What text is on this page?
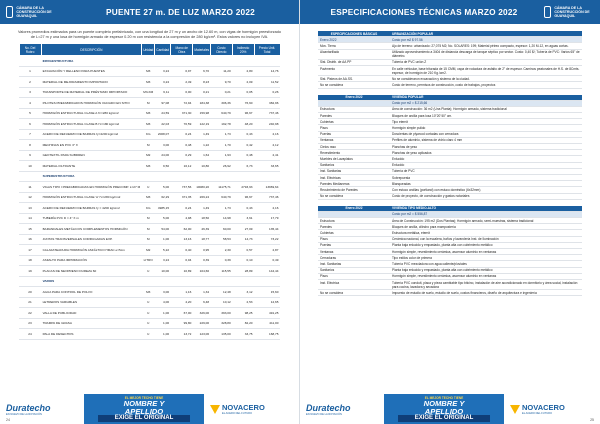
CÁMARA DE LA CONSTRUCCIÓN DE GUAYAQUIL	PUENTE 27 m. DE LUZ MARZO 2022
Valores promedios estimados para un puente completo prefabricado, con una longitud de 27 m y un ancho de 12.60 m, con vigas de hormigón preesforzado de L=27 m y una losa de hormigón armado de espesor 0.20 m con resistencia a la compresión de 280 kg/cm². Estos valores no incluyen IVA.
No. Del Rubro	DESCRIPCIÓN	Unidad	Cantidad	Mano de Obra	Materiales	Costo Directo	Indirecto 20%	Precio Unit. Total
	INFRAESTRUCTURA							
1	EXCAVACIÓN Y RELLENO PARA PUENTES	M3	3,24	0,97	6,70	11,20	2,80	14,76
2	MATERIAL DE MEJORAMIENTO IMPORTADO	M3	3,24	2,49	8,23	9,70	2,09	11,52
3	TRANSPORTE DE MATERIAL DE PRÉSTAMO IMPORTADO	M3-KM	6,11	0,00	0,21	0,21	0,05	0,26
4	PILOTES PREFABRICADOS HORMIGÓN VACIADO EN SITIO	M	97,08	72,94	184,38	306,36	76,60	382,96
5	HORMIGÓN ESTRUCTURAL CLASE A f'c=280 kg/cm2	M3	24,59	371,30	159,98	640,79	96,67	737,46
6	HORMIGÓN ESTRUCTURAL CLASE B f'c=180 kg/cm2	M3	22,03	70,59	122,19	192,78	48,20	240,98
7	ACERO DE REFUERZO DE BARRAS fy=4200 kg/cm2	KG	2008,07	0,24	1,49	1,73	0,43	2,16
8	MECHINAS EN PVC 3" X	M	3,00	0,48	1,22	1,70	0,42	2,12
9	GEOTEXTIL PARA SUBDREN	M2	24,00	0,29	1,64	1,93	0,48	2,41
10	MATERIAL FILTRANTE	M3	9,50	16,12	10,80	26,92	6,73	33,65
	SUPERESTRUCTURA							
11	VIGAS TIPO I PREFABRICADAS EN HORMIGÓN PRECOMP. L=27 M	U	5,00	737,56	10080,20	11175,71	2793,93	13969,64
12	HORMIGÓN ESTRUCTURAL CLASE 'A' f'c=280 kg/cm2	M3	62,29	371,35	269,24	640,79	96,67	737,46
13	ACERO DE REFUERZO DE BARRAS fy = 4200 kg/cm2	KG	4985,15	0,24	1,49	1,73	0,43	2,16
14	TUBERÍA PVC D = 4" X m	M	5,00	4,98	18,50	14,98	3,61	17,79
15	BARANDALES METÁLICOS COMPLEMENTOS HORMIGÓN	M	54,00	62,00	46,39	60,00	27,09	135,44
16	JUNTAS TRANSVERSALES CORRUGADAS EXP.	M	1,00	13,16	18,77	58,53	14,73	73,22
17	CALAFATEADURA HORMIGÓN ASFÁLTICO HMAC e=5cm	M2	5,22	0,40	0,95	2,30	0,57	2,87
18	ASFALTO PARA IMPRIMACIÓN	LITRO	3,24	0,04	0,39	0,39	0,10	0,49
19	PLACAS DE NEOPRENO DUREZA 60	U	10,00	10,89	104,66	115,55	28,89	144,44
	VARIOS							
20	AGUA PARA CONTROL DE POLVO	M3	3,00	1,16	1,34	12,48	3,12	15,60
21	LETREROS VARIABLES	U	4,00	4,20	6,48	10,12	2,53	12,65
22	VALLA DE PUBLICIDAD	U	1,00	67,00	326,00	393,00	98,25	491,25
23	TRAMPA DE GRASA	U	1,00	99,80	229,00	328,80	82,20	411,00
24	PALA DE DESECHOS	U	1,00	13,72	123,06	135,00	33,75	168,75
Duratecho
EN NUEVO DE LA ROTACIÓN
EL MEJOR TECHO TIENE
NOMBRE Y
APELLIDO
EXIGE EL ORIGINAL
NOVACERO
EL ACERO DEL FUTURO
24
ESPECIFICACIONES TÉCNICAS MARZO 2022	CÁMARA DE LA CONSTRUCCIÓN DE GUAYAQUIL
ESPECIFICACIONES BÁSICAS	URBANIZACIÓN POPULAR
Enero 2022	Costo por m2 $ 97.56
Mov. Tierra	Ajo de terreno: urbanizado: 27,075 M2; No. SOLARES: 199; Material pétreo compacto, espesor: 1,20 M-12, en aguas cortas.
Alcantarillado	Utilizado aprovechamiento a 3404 de distancia descarga de tanque séptico por sector. Costo: 0,40 $/; Tubería de PVC: Varios 65" de diámetro.
Sist. Distrib. de AA PP	Tubería de PVC unión Z
Pavimento	En calle vehicular, base triturada de 15 CMM, capa de rodadura de asfalto de 2" de espesor. Caminos peatonales de H.S. de 8Cmts. espesor, de hormigón de 210 Kg./cm2.
Sist. Pisteos de AA.SS.	No se consideraron excavación y sistema de la ciudad.
No se considera	Costo de terreno, permisos de construcción, costo de trabajos, proyectos
Enero 2022	VIVIENDA POPULAR
	Costo por m2 = $ 215,66
Estructura	Área de construcción: 36 m2 (Una Planta); Hormigón armado, sistema tradicional
Paredes	Bloques de arcilla para losa 10"20"40" cm.
Cubiertas	Tipo eternit
Pisos	Hormigón simple pulido
Puertas	Doscientas de plywood cortadas con cerradura
Ventanas	Perfiles de aluminio, sistema de vidrio claro 4 mm
Cielos raso	Planchas de yeso
Revestimiento	Planchas de yeso aplicados
Muebles de Lavaplatos	Enlucido
Sanitarios	Enlucido
Inst. Sanitarias	Tubería de PVC
Inst. Eléctricas	Sobrepuesta
Paredes Medianeras	Blanqueadas
Recubrimiento de Paredes	Con estuco arcillas (portland) con estuco doméstico (6x32mm)
No se considera	Costo de proyecto, de construcción y gastos notariales
Enero 2022	VIVIENDA TIPO MEDIO-ALTO
	Costo por m2 = $ 556,87
Estructura	Área de Construcción: 195 m2 (Dos Plantas); Hormigón armado, semi-muestras, sistema tradicional
Paredes	Bloques de arcilla, cilindro para mampostería
Cubiertas	Estructura metálica, eternit
Pisos	Cerámica nacional, con la escalera, baños y lavandería Inst. de Iluminación
Puertas	Planta baja enlucido y empastado, planta alta con cubrimiento metálico
Ventanas	Hormigón simple, revestimiento cerámica, ascensor aluminio en ventanas
Cerraduras	Tipo estilos color de primera
Inst. Sanitarias	Tubería PVC mezcladora con agua caliente/pluviales
Sanitarios	Planta baja enlucido y empastado, planta alta con cubrimiento metálico
Pisos	Hormigón simple, revestimiento cerámica, ascensor aluminio en ventanas
Inst. Eléctrica	Tubería PVC conduit, placa y pieza cambiable tipo bticino, instalación de aire acondicionado en dormitorio y área social, instalación para cocina, lavadora y secadora
No se considera	Impuesto de estudio de suelo, estudio de suelo, costos financieros, diseño de arquitectura e ingeniería
Duratecho
EN NUEVO DE LA ROTACIÓN
EL MEJOR TECHO TIENE
NOMBRE Y
APELLIDO
EXIGE EL ORIGINAL
NOVACERO
EL ACERO DEL FUTURO
25
